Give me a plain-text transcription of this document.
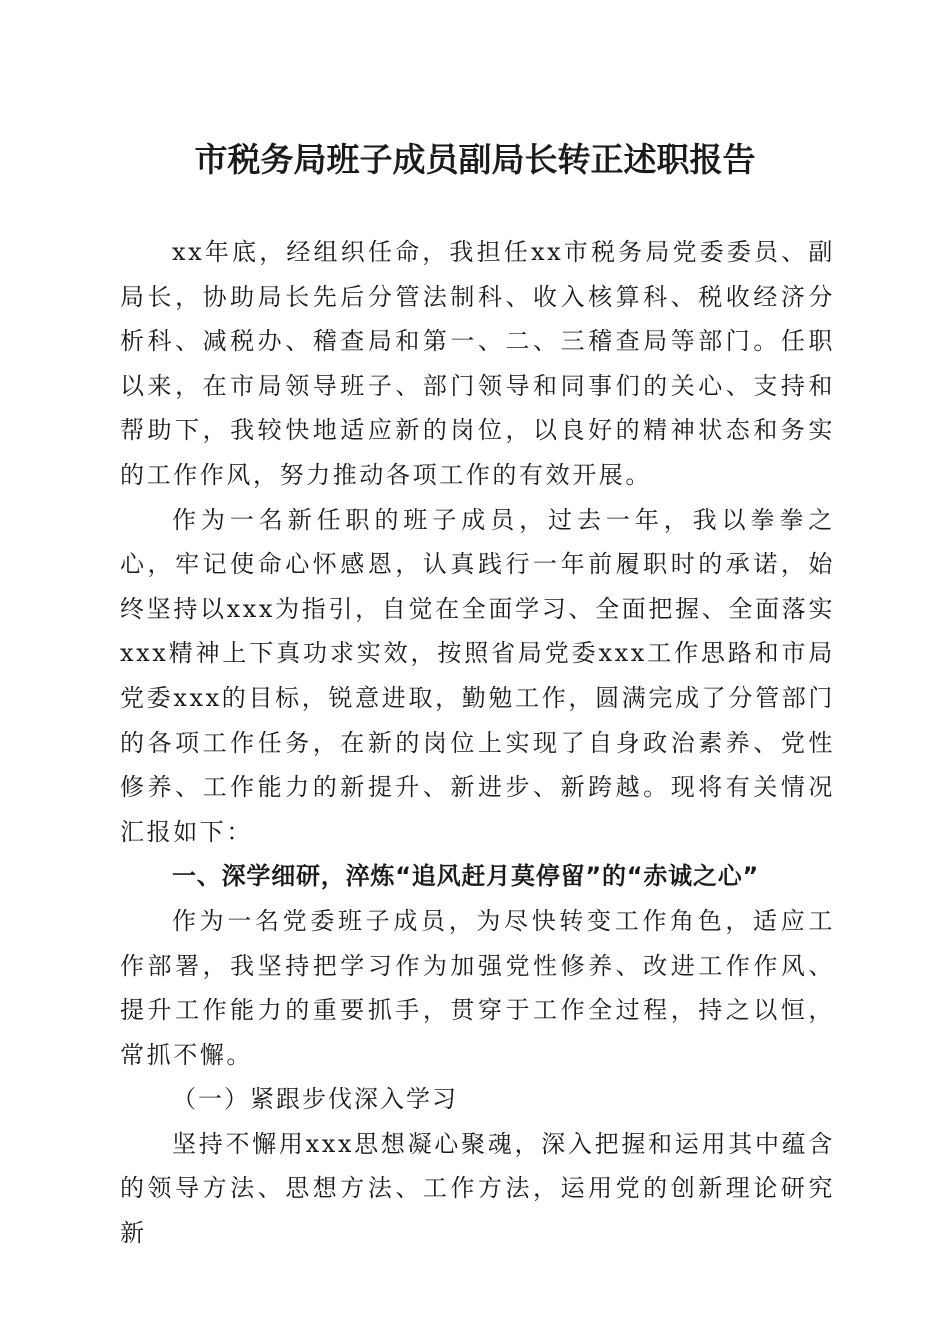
市税务局班子成员副局长转正述职报告

xx年底，经组织任命，我担任xx市税务局党委委员、副局长，协助局长先后分管法制科、收入核算科、税收经济分析科、减税办、稽查局和第一、二、三稽查局等部门。任职以来，在市局领导班子、部门领导和同事们的关心、支持和帮助下，我较快地适应新的岗位，以良好的精神状态和务实的工作作风，努力推动各项工作的有效开展。

作为一名新任职的班子成员，过去一年，我以拳拳之心，牢记使命心怀感恩，认真践行一年前履职时的承诺，始终坚持以xxx为指引，自觉在全面学习、全面把握、全面落实xxx精神上下真功求实效，按照省局党委xxx工作思路和市局党委xxx的目标，锐意进取，勤勉工作，圆满完成了分管部门的各项工作任务，在新的岗位上实现了自身政治素养、党性修养、工作能力的新提升、新进步、新跨越。现将有关情况汇报如下：

一、深学细研，淬炼“追风赶月莫停留”的“赤诚之心”

作为一名党委班子成员，为尽快转变工作角色，适应工作部署，我坚持把学习作为加强党性修养、改进工作作风、提升工作能力的重要抓手，贯穿于工作全过程，持之以恒，常抓不懈。

（一）紧跟步伐深入学习

坚持不懈用xxx思想凝心聚魂，深入把握和运用其中蕴含的领导方法、思想方法、工作方法，运用党的创新理论研究新
